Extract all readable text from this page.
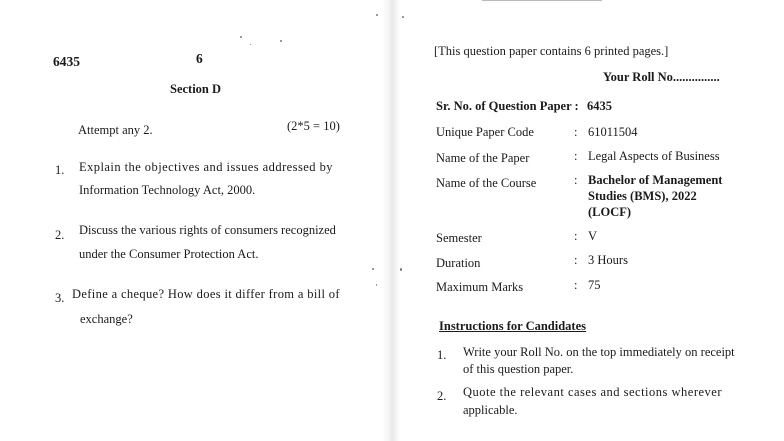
6435	6
Section D
Attempt any 2.	(2*5 = 10)
1. Explain the objectives and issues addressed by
Information Technology Act, 2000.
2. Discuss the various rights of consumers recognized
under the Consumer Protection Act.
3. Define a cheque? How does it differ from a bill of
exchange?
[This question paper contains 6 printed pages.]
Your Roll No...............
Sr. No. of Question Paper : 6435
Unique Paper Code	: 61011504
Name of the Paper	: Legal Aspects of Business
Name of the Course	: Bachelor of Management
Studies (BMS), 2022
(LOCF)
Semester	: V
Duration	: 3 Hours
Maximum Marks	: 75
Instructions for Candidates
1. Write your Roll No. on the top immediately on receipt
of this question paper.
2. Quote the relevant cases and sections wherever
applicable.
